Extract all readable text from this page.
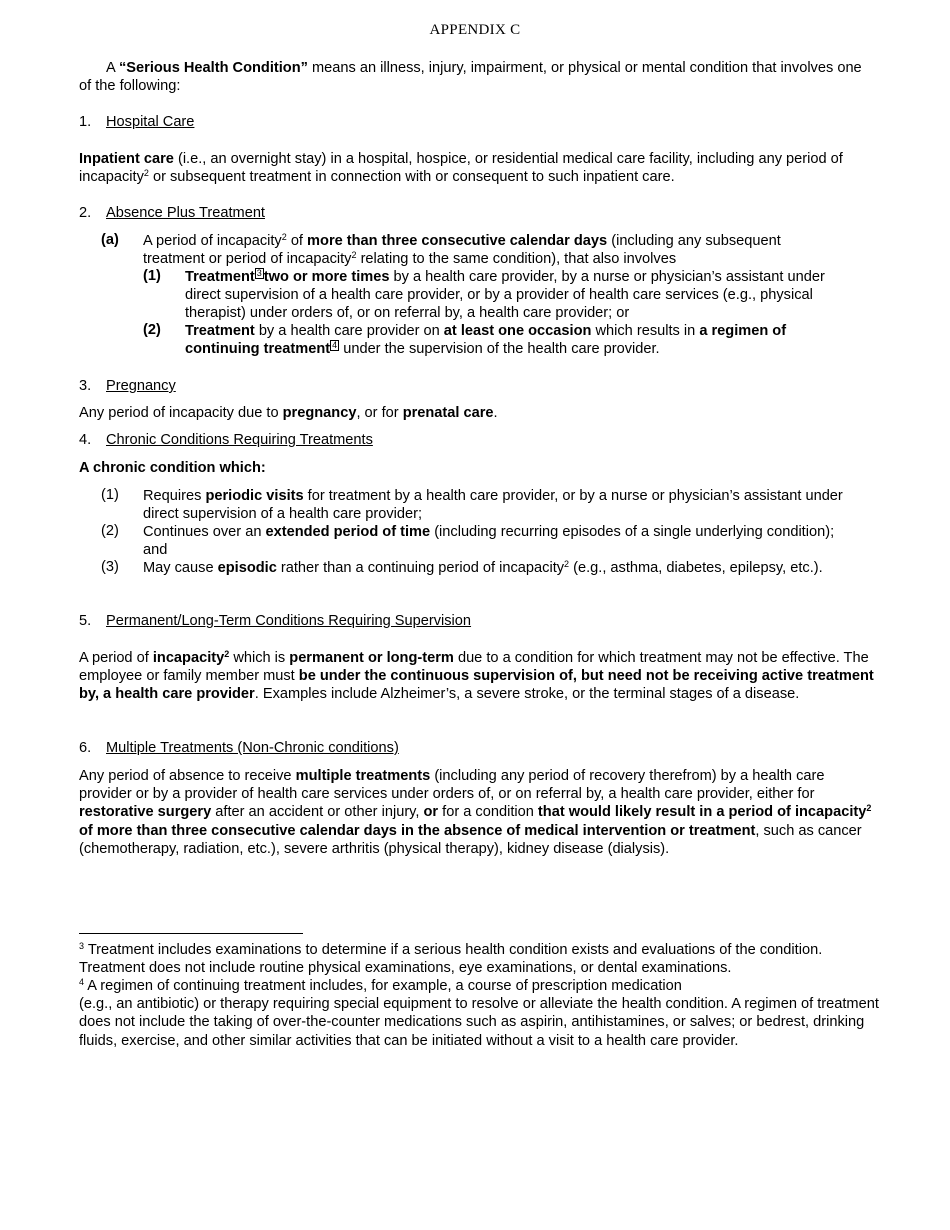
APPENDIX C
A “Serious Health Condition” means an illness, injury, impairment, or physical or mental condition that involves one of the following:
1. Hospital Care
Inpatient care (i.e., an overnight stay) in a hospital, hospice, or residential medical care facility, including any period of incapacity$^2$ or subsequent treatment in connection with or consequent to such inpatient care.
2. Absence Plus Treatment
(a) A period of incapacity$^2$ of more than three consecutive calendar days (including any subsequent treatment or period of incapacity$^2$ relating to the same condition), that also involves
(1) Treatment 3 two or more times by a health care provider, by a nurse or physician’s assistant under direct supervision of a health care provider, or by a provider of health care services (e.g., physical therapist) under orders of, or on referral by, a health care provider; or
(2) Treatment by a health care provider on at least one occasion which results in a regimen of continuing treatment 4 under the supervision of the health care provider.
3. Pregnancy
Any period of incapacity due to pregnancy, or for prenatal care.
4. Chronic Conditions Requiring Treatments
A chronic condition which:
(1) Requires periodic visits for treatment by a health care provider, or by a nurse or physician’s assistant under direct supervision of a health care provider;
(2) Continues over an extended period of time (including recurring episodes of a single underlying condition); and
(3) May cause episodic rather than a continuing period of incapacity$^2$ (e.g., asthma, diabetes, epilepsy, etc.).
5. Permanent/Long-Term Conditions Requiring Supervision
A period of incapacity$^2$ which is permanent or long-term due to a condition for which treatment may not be effective. The employee or family member must be under the continuous supervision of, but need not be receiving active treatment by, a health care provider. Examples include Alzheimer’s, a severe stroke, or the terminal stages of a disease.
6. Multiple Treatments (Non-Chronic conditions)
Any period of absence to receive multiple treatments (including any period of recovery therefrom) by a health care provider or by a provider of health care services under orders of, or on referral by, a health care provider, either for restorative surgery after an accident or other injury, or for a condition that would likely result in a period of incapacity$^2$ of more than three consecutive calendar days in the absence of medical intervention or treatment, such as cancer (chemotherapy, radiation, etc.), severe arthritis (physical therapy), kidney disease (dialysis).
$^3$ Treatment includes examinations to determine if a serious health condition exists and evaluations of the condition. Treatment does not include routine physical examinations, eye examinations, or dental examinations.
$^4$ A regimen of continuing treatment includes, for example, a course of prescription medication
(e.g., an antibiotic) or therapy requiring special equipment to resolve or alleviate the health condition. A regimen of treatment does not include the taking of over-the-counter medications such as aspirin, antihistamines, or salves; or bedrest, drinking fluids, exercise, and other similar activities that can be initiated without a visit to a health care provider.
